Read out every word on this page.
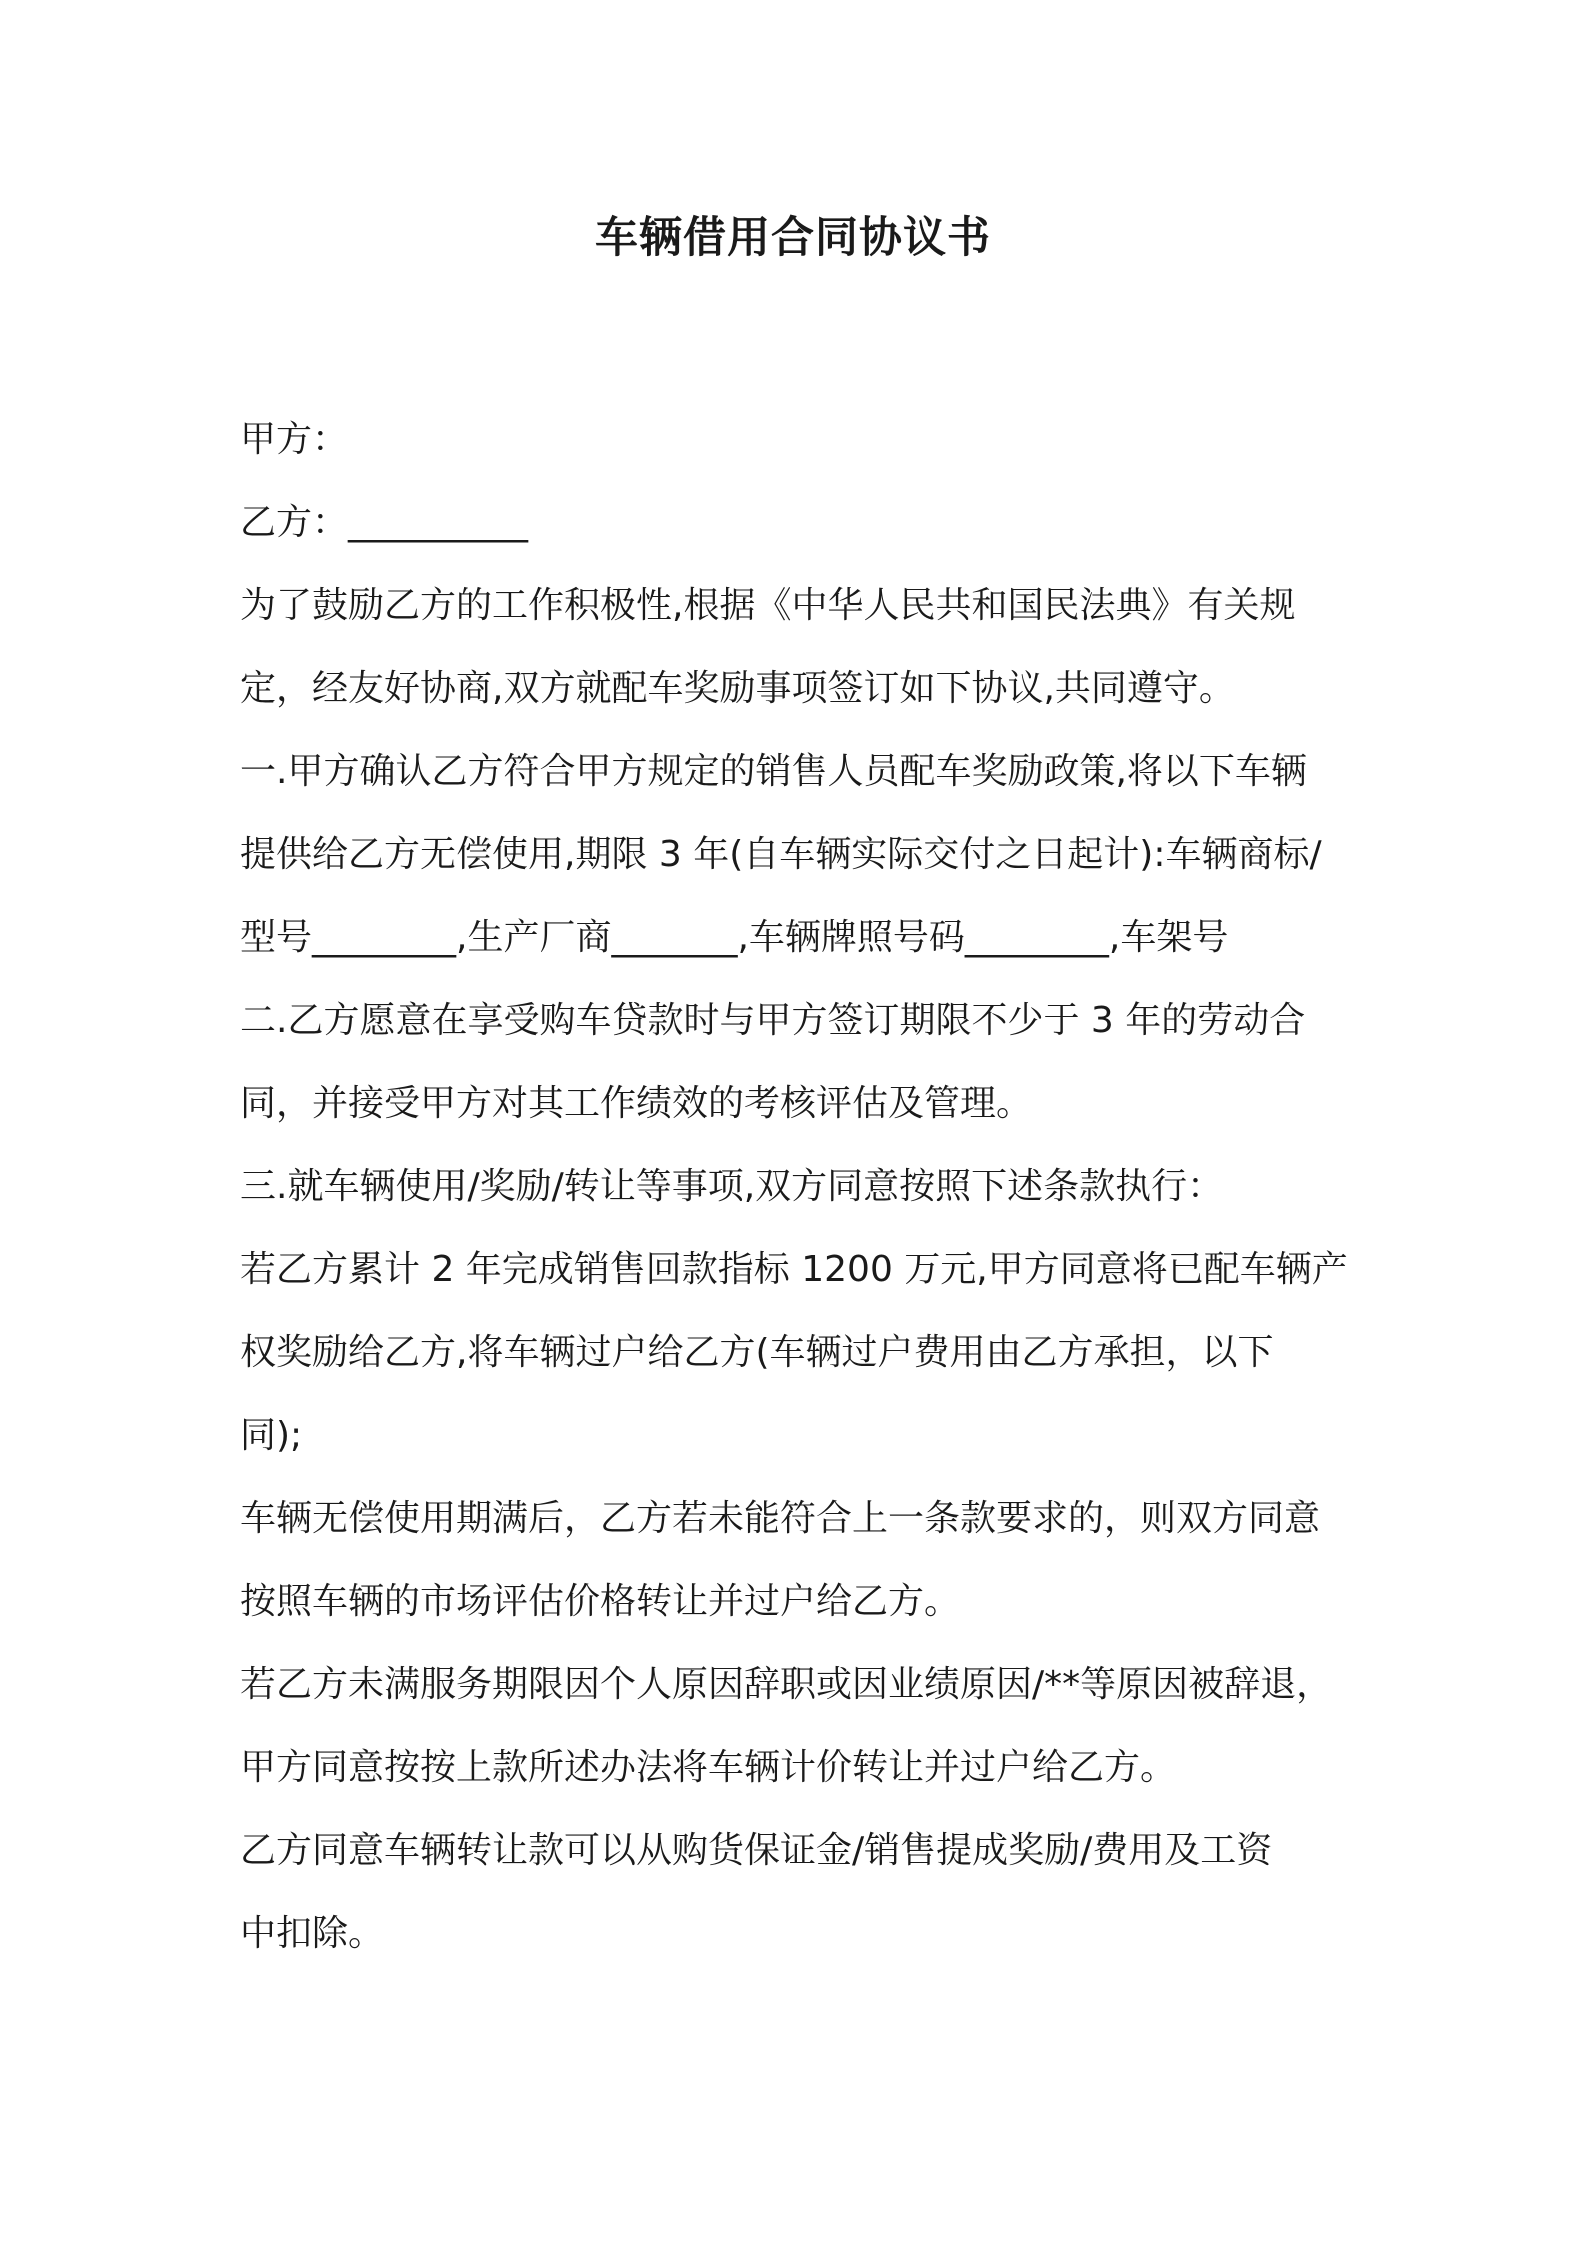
车辆借用合同协议书
甲方：
乙方：__________
为了鼓励乙方的工作积极性,根据《中华人民共和国民法典》有关规
定，经友好协商,双方就配车奖励事项签订如下协议,共同遵守。
一.甲方确认乙方符合甲方规定的销售人员配车奖励政策,将以下车辆
提供给乙方无偿使用,期限 3 年(自车辆实际交付之日起计):车辆商标/
型号________,生产厂商_______,车辆牌照号码________,车架号
二.乙方愿意在享受购车贷款时与甲方签订期限不少于 3 年的劳动合
同，并接受甲方对其工作绩效的考核评估及管理。
三.就车辆使用/奖励/转让等事项,双方同意按照下述条款执行：
若乙方累计 2 年完成销售回款指标 1200 万元,甲方同意将已配车辆产
权奖励给乙方,将车辆过户给乙方(车辆过户费用由乙方承担，以下
同);
车辆无偿使用期满后，乙方若未能符合上一条款要求的，则双方同意
按照车辆的市场评估价格转让并过户给乙方。
若乙方未满服务期限因个人原因辞职或因业绩原因/**等原因被辞退，
甲方同意按按上款所述办法将车辆计价转让并过户给乙方。
乙方同意车辆转让款可以从购货保证金/销售提成奖励/费用及工资
中扣除。
